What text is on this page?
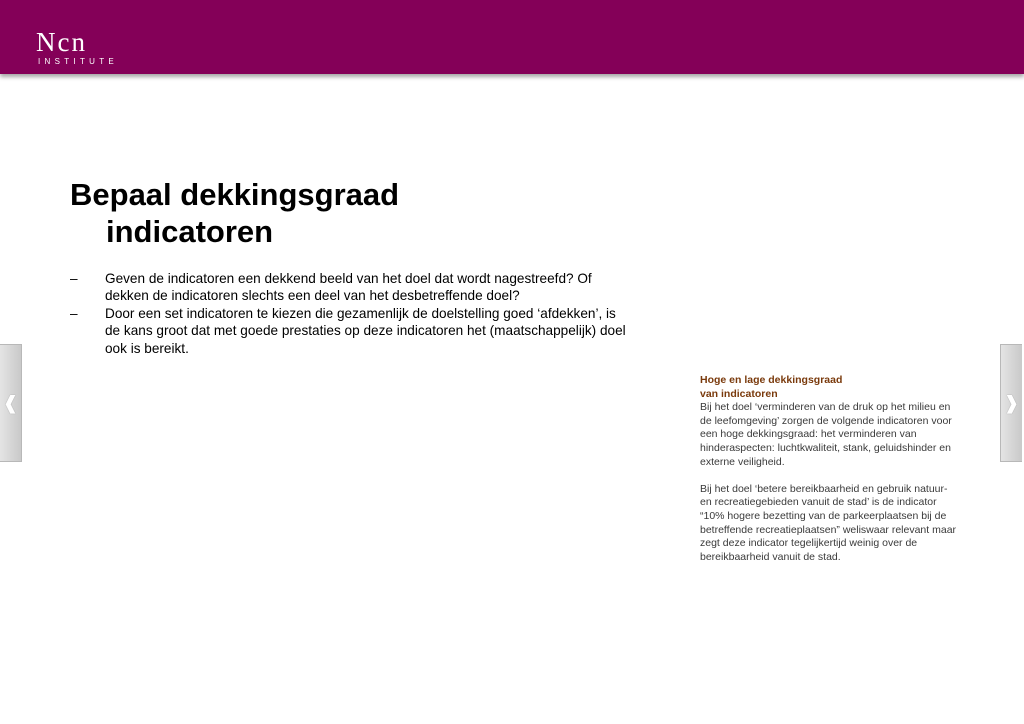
Ncn
INSTITUTE
Bepaal dekkingsgraad indicatoren
– Geven de indicatoren een dekkend beeld van het doel dat wordt nagestreefd? Of dekken de indicatoren slechts een deel van het desbetreffende doel?
– Door een set indicatoren te kiezen die gezamenlijk de doelstelling goed ‘afdekken’, is de kans groot dat met goede prestaties op deze indicatoren het (maatschappelijk) doel ook is bereikt.

Hoge en lage dekkingsgraad
van indicatoren

Bij het doel ‘verminderen van de druk op het milieu en de leefomgeving’ zorgen de volgende indicatoren voor een hoge dekkingsgraad: het verminderen van hinderaspecten: luchtkwaliteit, stank, geluidshinder en externe veiligheid.

Bij het doel ‘betere bereikbaarheid en gebruik natuur- en recreatiegebieden vanuit de stad’ is de indicator “10% hogere bezetting van de parkeerplaatsen bij de betreffende recreatieplaatsen” weliswaar relevant maar zegt deze indicator tegelijkertijd weinig over de bereikbaarheid vanuit de stad.

❰	❱
